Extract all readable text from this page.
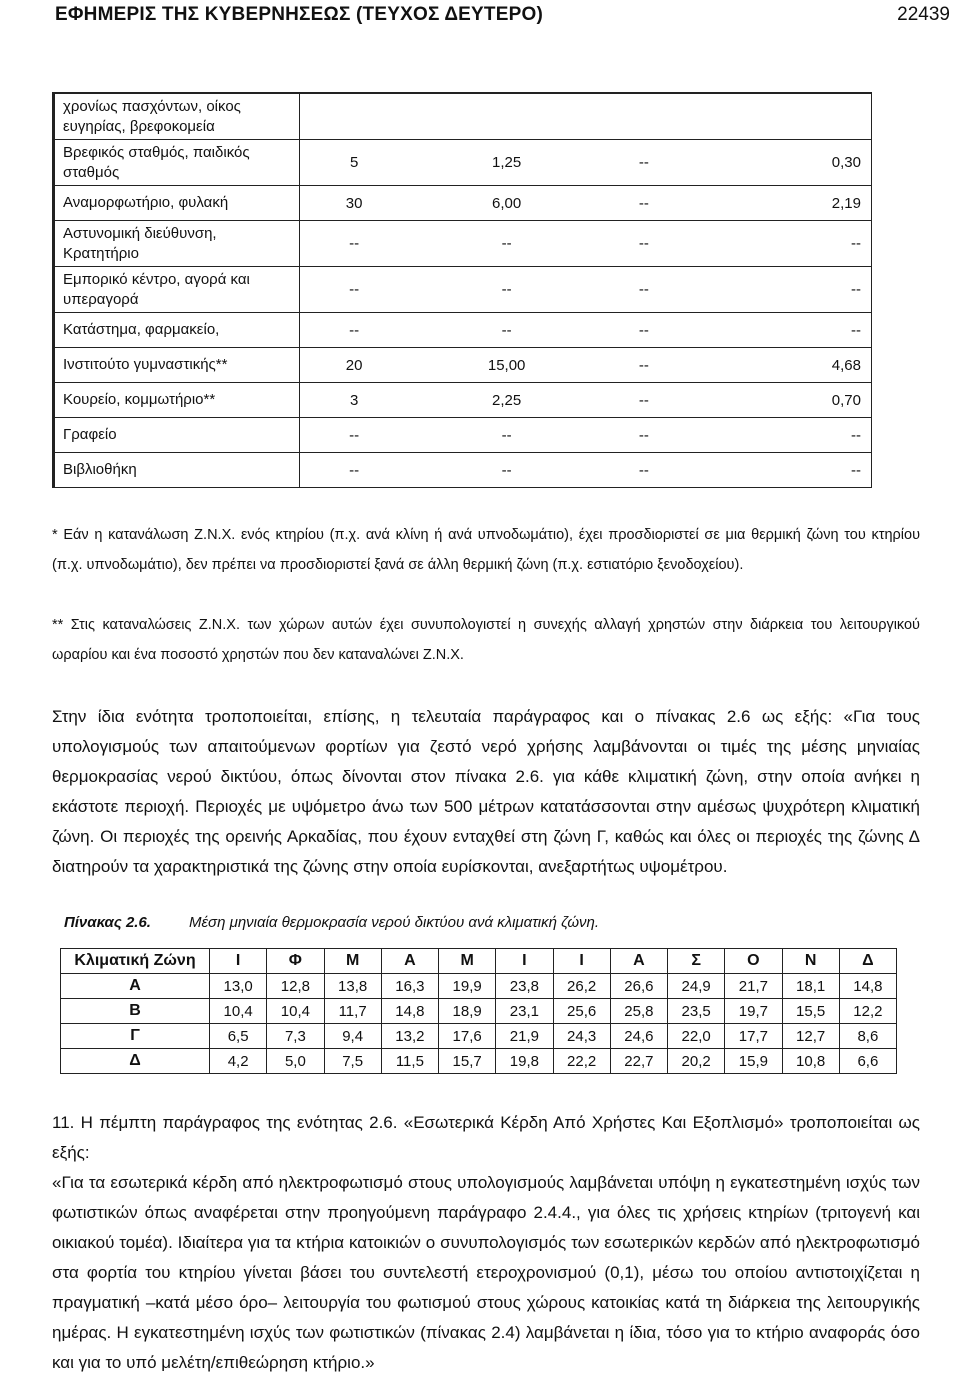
ΕΦΗΜΕΡΙΣ ΤΗΣ ΚΥΒΕΡΝΗΣΕΩΣ (ΤΕΥΧΟΣ ΔΕΥΤΕΡΟ)	22439
χρονίως πασχόντων, οίκος ευγηρίας, βρεφοκομεία				
Βρεφικός σταθμός, παιδικός σταθμός	5	1,25	--	0,30
Αναμορφωτήριο, φυλακή	30	6,00	--	2,19
Αστυνομική διεύθυνση, Κρατητήριο	--	--	--	--
Εμπορικό κέντρο, αγορά και υπεραγορά	--	--	--	--
Κατάστημα, φαρμακείο,	--	--	--	--
Ινστιτούτο γυμναστικής**	20	15,00	--	4,68
Κουρείο, κομμωτήριο**	3	2,25	--	0,70
Γραφείο	--	--	--	--
Βιβλιοθήκη	--	--	--	--
* Εάν η κατανάλωση Ζ.Ν.Χ. ενός κτηρίου (π.χ. ανά κλίνη ή ανά υπνοδωμάτιο), έχει προσδιοριστεί σε μια θερμική ζώνη του κτηρίου (π.χ. υπνοδωμάτιο), δεν πρέπει να προσδιοριστεί ξανά σε άλλη θερμική ζώνη (π.χ. εστιατόριο ξενοδοχείου).
** Στις καταναλώσεις Ζ.Ν.Χ. των χώρων αυτών έχει συνυπολογιστεί η συνεχής αλλαγή χρηστών στην διάρκεια του λειτουργικού ωραρίου και ένα ποσοστό χρηστών που δεν καταναλώνει Ζ.Ν.Χ.
Στην ίδια ενότητα τροποποιείται, επίσης, η τελευταία παράγραφος και ο πίνακας 2.6 ως εξής: «Για τους υπολογισμούς των απαιτούμενων φορτίων για ζεστό νερό χρήσης λαμβάνονται οι τιμές της μέσης μηνιαίας θερμοκρασίας νερού δικτύου, όπως δίνονται στον πίνακα 2.6. για κάθε κλιματική ζώνη, στην οποία ανήκει η εκάστοτε περιοχή. Περιοχές με υψόμετρο άνω των 500 μέτρων κατατάσσονται στην αμέσως ψυχρότερη κλιματική ζώνη. Οι περιοχές της ορεινής Αρκαδίας, που έχουν ενταχθεί στη ζώνη Γ, καθώς και όλες οι περιοχές της ζώνης Δ διατηρούν τα χαρακτηριστικά της ζώνης στην οποία ευρίσκονται, ανεξαρτήτως υψομέτρου.
Πίνακας 2.6.	Μέση μηνιαία θερμοκρασία νερού δικτύου ανά κλιματική ζώνη.
Κλιματική Ζώνη	Ι	Φ	Μ	Α	Μ	Ι	Ι	Α	Σ	Ο	Ν	Δ
Α	13,0	12,8	13,8	16,3	19,9	23,8	26,2	26,6	24,9	21,7	18,1	14,8
Β	10,4	10,4	11,7	14,8	18,9	23,1	25,6	25,8	23,5	19,7	15,5	12,2
Γ	6,5	7,3	9,4	13,2	17,6	21,9	24,3	24,6	22,0	17,7	12,7	8,6
Δ	4,2	5,0	7,5	11,5	15,7	19,8	22,2	22,7	20,2	15,9	10,8	6,6
11. Η πέμπτη παράγραφος της ενότητας 2.6. «Εσωτερικά Κέρδη Από Χρήστες Και Εξοπλισμό» τροποποιείται ως εξής:
«Για τα εσωτερικά κέρδη από ηλεκτροφωτισμό στους υπολογισμούς λαμβάνεται υπόψη η εγκατεστημένη ισχύς των φωτιστικών όπως αναφέρεται στην προηγούμενη παράγραφο 2.4.4., για όλες τις χρήσεις κτηρίων (τριτογενή και οικιακού τομέα). Ιδιαίτερα για τα κτήρια κατοικιών ο συνυπολογισμός των εσωτερικών κερδών από ηλεκτροφωτισμό στα φορτία του κτηρίου γίνεται βάσει του συντελεστή ετεροχρονισμού (0,1), μέσω του οποίου αντιστοιχίζεται η πραγματική –κατά μέσο όρο– λειτουργία του φωτισμού στους χώρους κατοικίας κατά τη διάρκεια της λειτουργικής ημέρας. Η εγκατεστημένη ισχύς των φωτιστικών (πίνακας 2.4) λαμβάνεται η ίδια, τόσο για το κτήριο αναφοράς όσο και για το υπό μελέτη/επιθεώρηση κτήριο.»
